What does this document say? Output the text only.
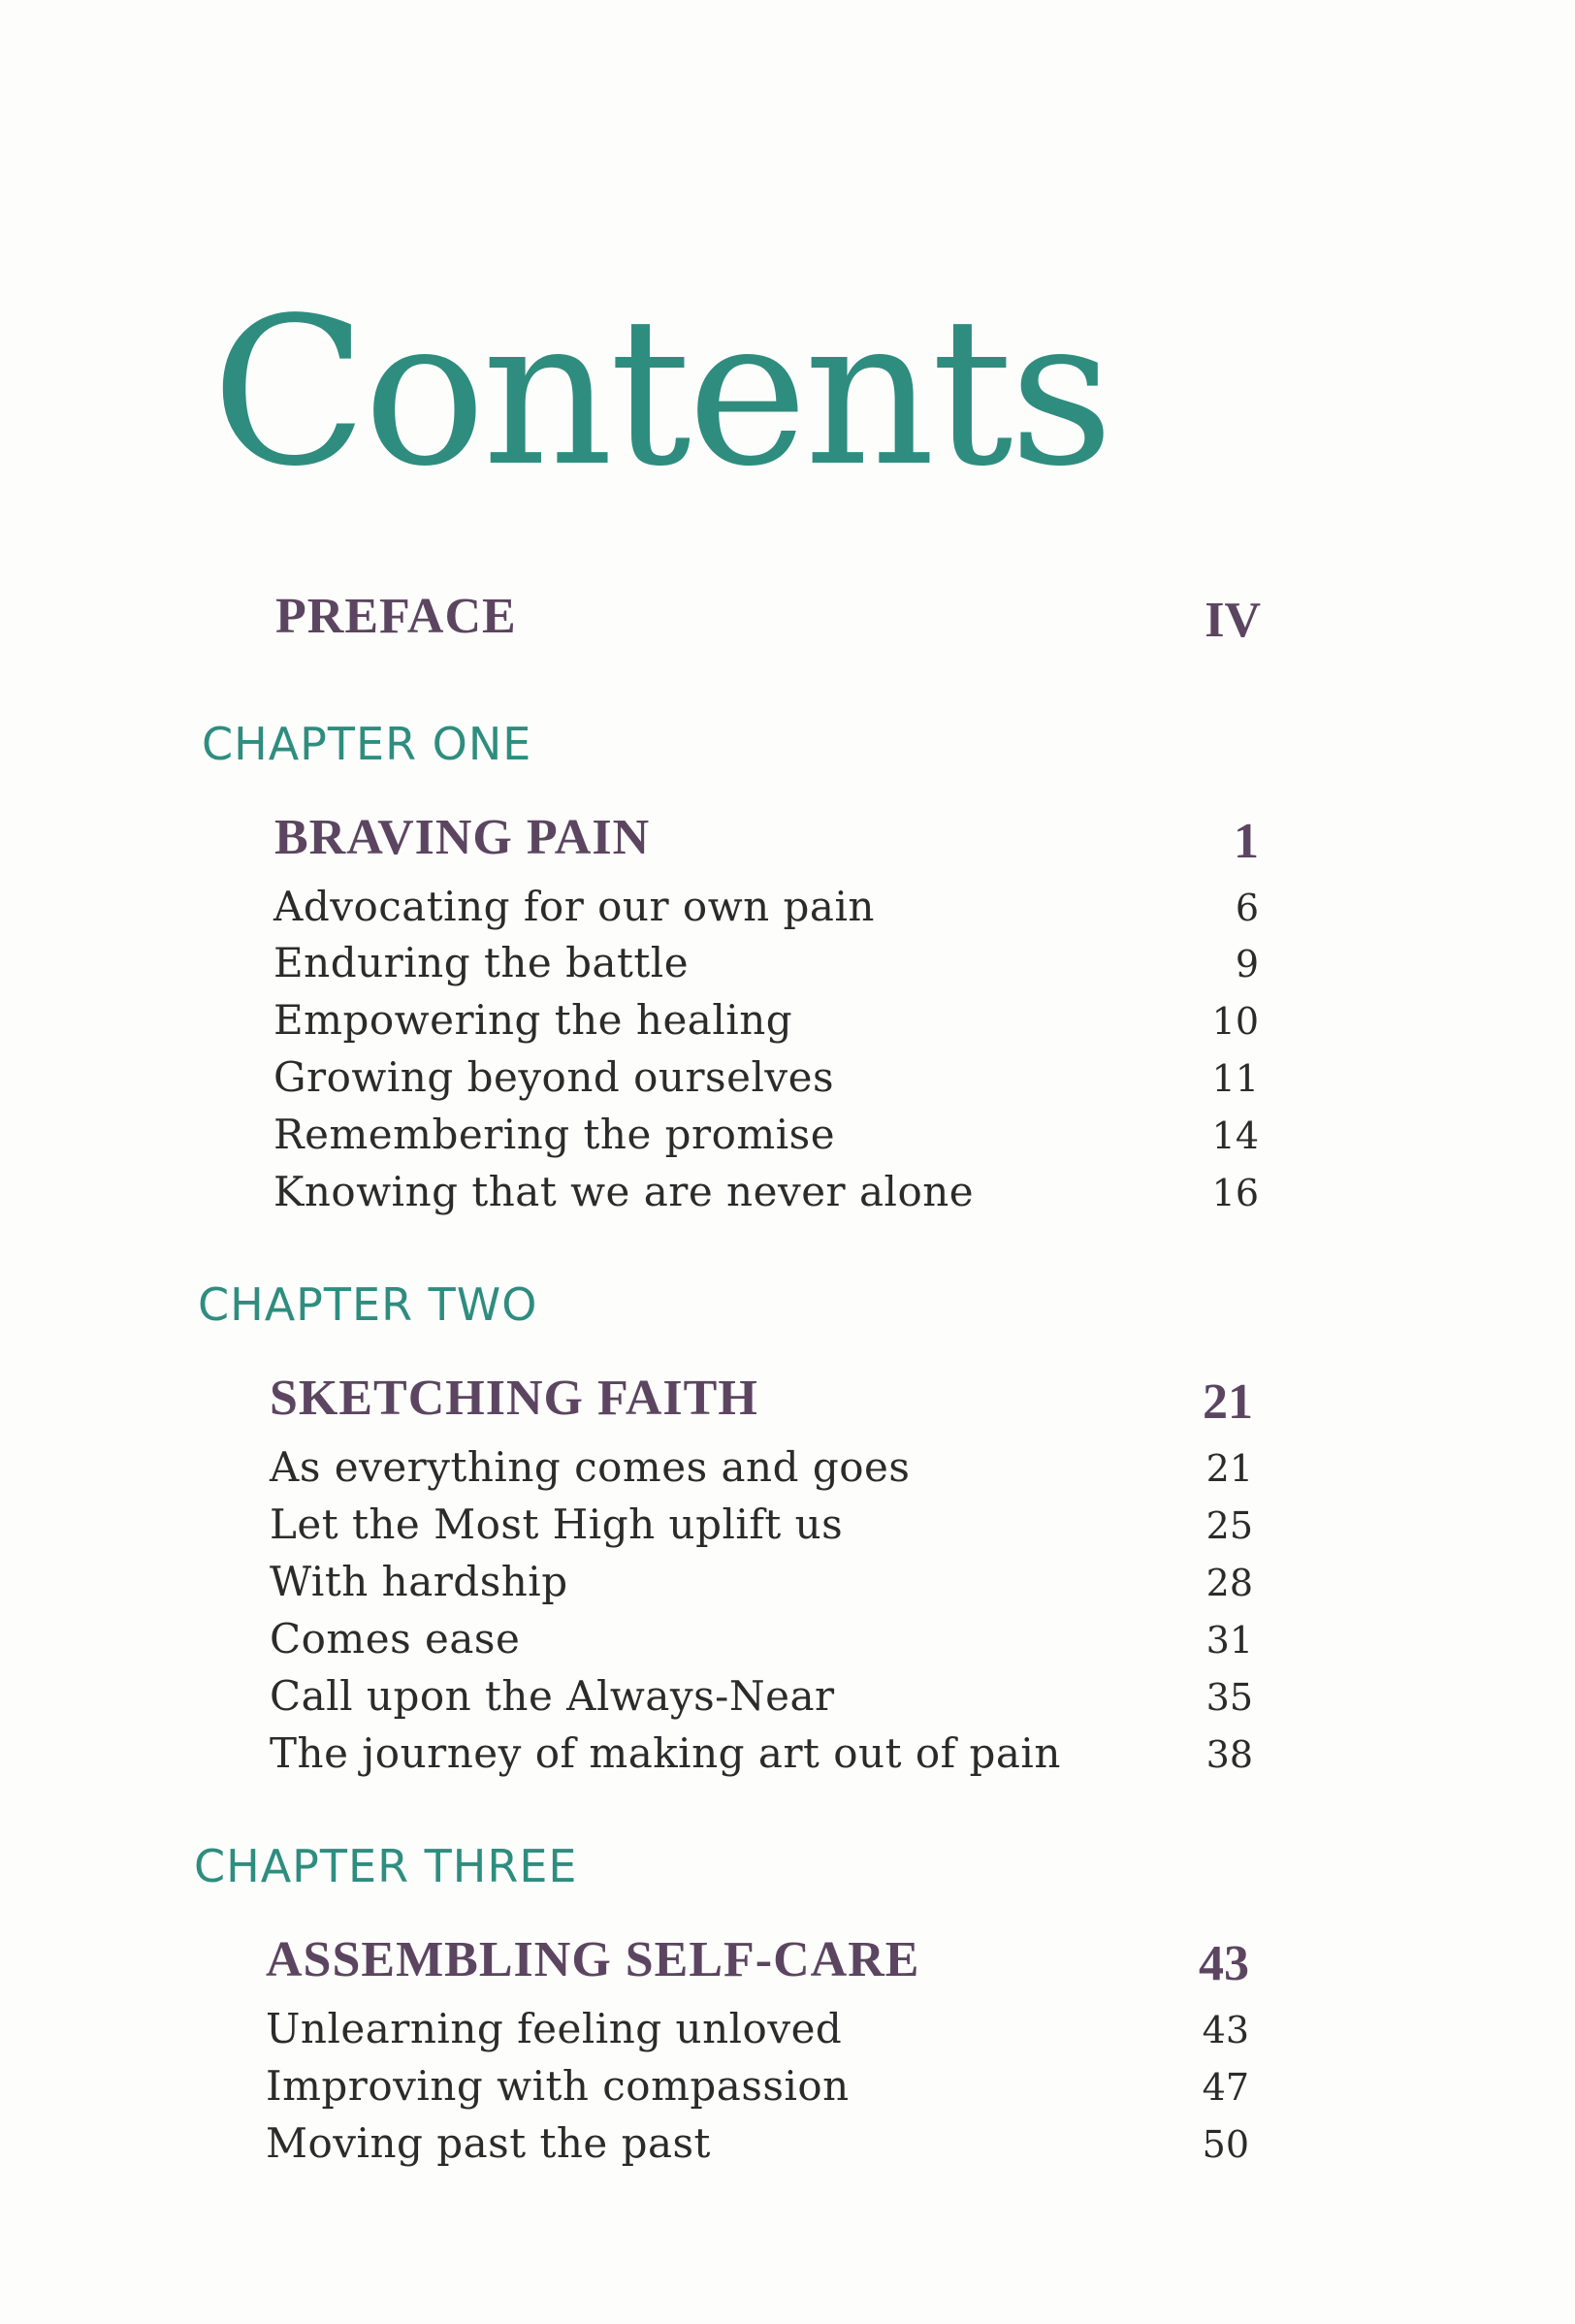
Contents
PREFACE	IV
CHAPTER ONE
BRAVING PAIN	1
Advocating for our own pain	6
Enduring the battle	9
Empowering the healing	10
Growing beyond ourselves	11
Remembering the promise	14
Knowing that we are never alone	16
CHAPTER TWO
SKETCHING FAITH	21
As everything comes and goes	21
Let the Most High uplift us	25
With hardship	28
Comes ease	31
Call upon the Always-Near	35
The journey of making art out of pain	38
CHAPTER THREE
ASSEMBLING SELF-CARE	43
Unlearning feeling unloved	43
Improving with compassion	47
Moving past the past	50
